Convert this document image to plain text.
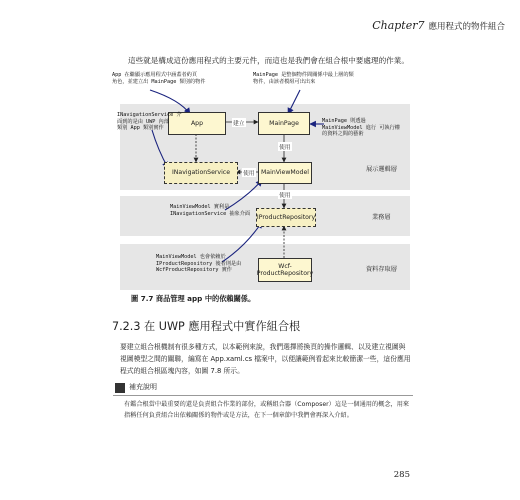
Chapter7 應用程式的物件組合
這些就是構成這份應用程式的主要元件，而這也是我們會在組合根中要處理的作業。
展示邏輯層
業務層
資料存取層
App	MainPage
INavigationService	MainViewModel
IProductRepository
Wcf-
ProductRepository
建立
使用
使用
使用
App 在繼顯示應用程式中涵蓋者約頁
角色，並建立出 MainPage 類別的物件
MainPage 是整個物件間關係中最上層的類
物件，由該者模組可出出來
INavigationService 介
面到的是由 UWP 內部
類別 App 類別實作
MainPage 則透過
MainViewModel 進行 可執行權
的資料之間的藝術
MainViewModel 實利是
INavigationService 抽象介面
MainViewModel 也會依賴於
IProductRepository 後者則是由
WcfProductRepository 實作
圖 7.7 商品管理 app 中的依賴關係。
7.2.3 在 UWP 應用程式中實作組合根
要建立組合根機制有很多種方式，以本範例來說，我們選擇將換頁的操作邏輯、以及建立視圖與視圖模型之間的關聯，編寫在 App.xaml.cs 檔案中，以便讓範例看起來比較簡潔一些，這份應用程式的組合根區塊內容，如圖 7.8 所示。
補充說明
有鑑合根當中最重要的還是負責組合作業的部份，或稱組合器（Composer）這是一個通用的概念，用來指稱任何負責組合出依賴關係的物件或是方法，在下一個章節中我們會再深入介紹。
285
